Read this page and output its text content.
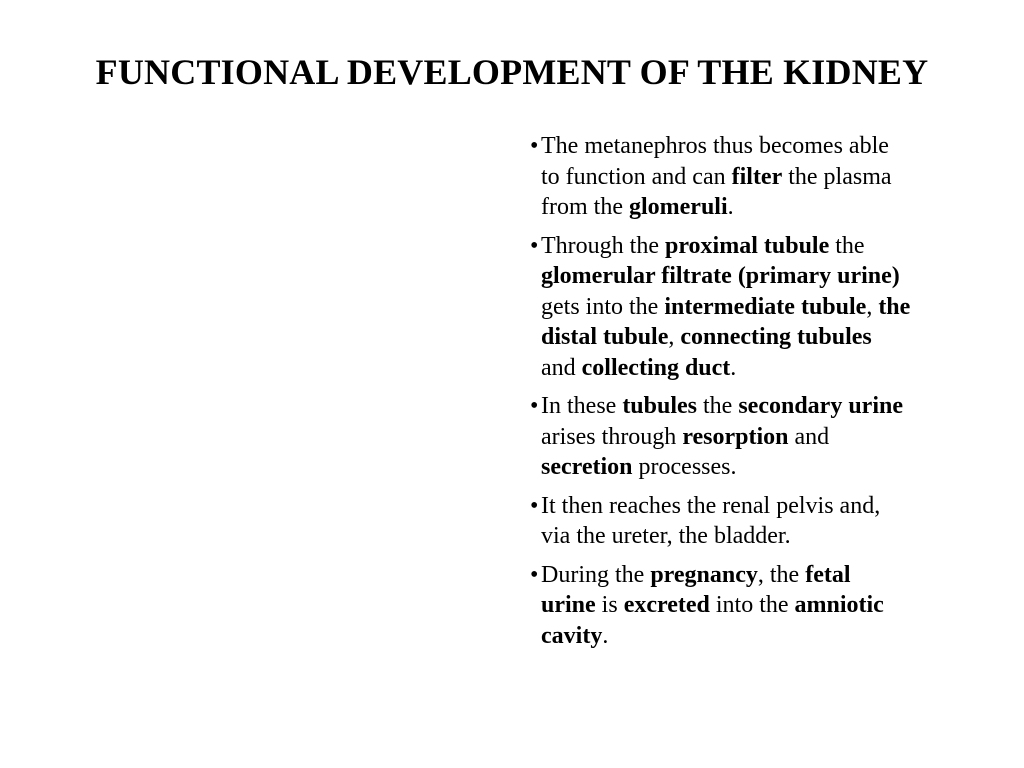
FUNCTIONAL DEVELOPMENT OF THE KIDNEY
• The metanephros thus becomes able
to function and can filter the plasma
from the glomeruli.
• Through the proximal tubule the
glomerular filtrate (primary urine)
gets into the intermediate tubule, the
distal tubule, connecting tubules
and collecting duct.
• In these tubules the secondary urine
arises through resorption and
secretion processes.
• It then reaches the renal pelvis and,
via the ureter, the bladder.
• During the pregnancy, the fetal
urine is excreted into the amniotic
cavity.
